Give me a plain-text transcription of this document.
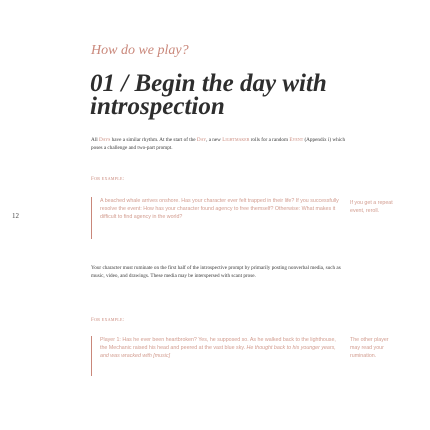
12
How do we play?
01 / Begin the day with introspection

All Days have a similar rhythm. At the start of the Day, a new Lightmaker rolls for a random Event (Appendix i) which poses a challenge and two-part prompt.

For example:
A beached whale arrives onshore. Has your character ever felt trapped in their life? If you successfully resolve the event: How has your character found agency to free themself? Otherwise: What makes it difficult to find agency in the world?
If you get a repeat event, reroll.

Your character must ruminate on the first half of the introspective prompt by primarily posting nonverbal media, such as music, video, and drawings. These media may be interspersed with scant prose.

For example:
Player 1: Has he ever been heartbroken? Yes, he supposed so. As he walked back to the lighthouse, the Mechanic raised his head and peered at the vast blue sky. He thought back to his younger years, and was wracked with [music]
The other player may read your rumination.
